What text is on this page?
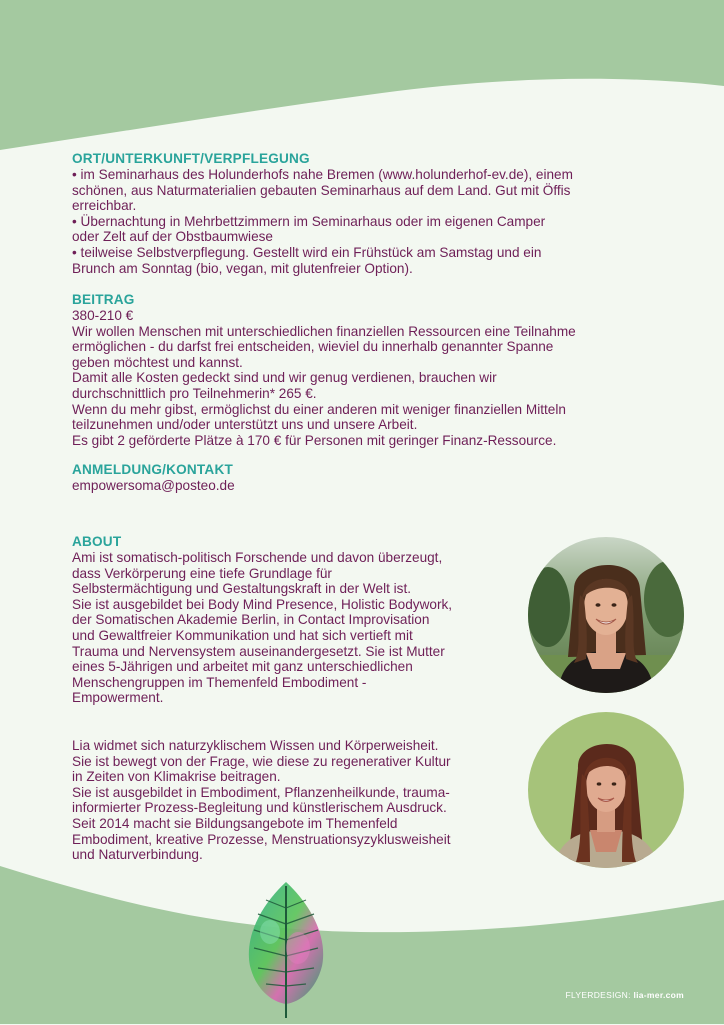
ORT/UNTERKUNFT/VERPFLEGUNG

• im Seminarhaus des Holunderhofs nahe Bremen (www.holunderhof-ev.de), einem

schönen, aus Naturmaterialien gebauten Seminarhaus auf dem Land. Gut mit Öffis

erreichbar.

• Übernachtung in Mehrbettzimmern im Seminarhaus oder im eigenen Camper

oder Zelt auf der Obstbaumwiese

• teilweise Selbstverpflegung. Gestellt wird ein Frühstück am Samstag und ein

Brunch am Sonntag (bio, vegan, mit glutenfreier Option).

BEITRAG

380-210 €

Wir wollen Menschen mit unterschiedlichen finanziellen Ressourcen eine Teilnahme

ermöglichen - du darfst frei entscheiden, wieviel du innerhalb genannter Spanne

geben möchtest und kannst.

Damit alle Kosten gedeckt sind und wir genug verdienen, brauchen wir

durchschnittlich pro Teilnehmerin* 265 €.

Wenn du mehr gibst, ermöglichst du einer anderen mit weniger finanziellen Mitteln

teilzunehmen und/oder unterstützt uns und unsere Arbeit.

Es gibt 2 geförderte Plätze à 170 € für Personen mit geringer Finanz-Ressource.

ANMELDUNG/KONTAKT

empowersoma@posteo.de

ABOUT

Ami ist somatisch-politisch Forschende und davon überzeugt,

dass Verkörperung eine tiefe Grundlage für

Selbstermächtigung und Gestaltungskraft in der Welt ist.

Sie ist ausgebildet bei Body Mind Presence, Holistic Bodywork,

der Somatischen Akademie Berlin, in Contact Improvisation

und Gewaltfreier Kommunikation und hat sich vertieft mit

Trauma und Nervensystem auseinandergesetzt. Sie ist Mutter

eines 5-Jährigen und arbeitet mit ganz unterschiedlichen

Menschengruppen im Themenfeld Embodiment -

Empowerment.

Lia widmet sich naturzyklischem Wissen und Körperweisheit.

Sie ist bewegt von der Frage, wie diese zu regenerativer Kultur

in Zeiten von Klimakrise beitragen.

Sie ist ausgebildet in Embodiment, Pflanzenheilkunde, trauma-

informierter Prozess-Begleitung und künstlerischem Ausdruck.

Seit 2014 macht sie Bildungsangebote im Themenfeld

Embodiment, kreative Prozesse, Menstruationsyzyklusweisheit

und Naturverbindung.

FLYERDESIGN: lia-mer.com
